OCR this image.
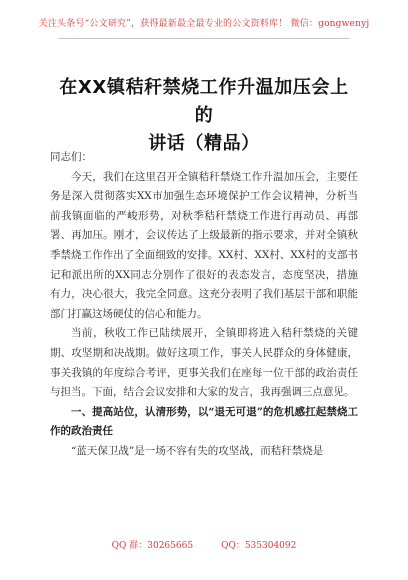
关注头条号“公文研究”，获得最新最全最专业的公文资料库！ 微信：gongwenyj
在XX镇秸秆禁烧工作升温加压会上的
讲话（精品）

同志们：

今天，我们在这里召开全镇秸秆禁烧工作升温加压会，主要任务是深入贯彻落实XX市加强生态环境保护工作会议精神，分析当前我镇面临的严峻形势，对秋季秸秆禁烧工作进行再动员、再部署、再加压。刚才，会议传达了上级最新的指示要求，并对全镇秋季禁烧工作作出了全面细致的安排。XX村、XX村、XX村的支部书记和派出所的XX同志分别作了很好的表态发言，态度坚决，措施有力，决心很大，我完全同意。这充分表明了我们基层干部和职能部门打赢这场硬仗的信心和能力。

当前，秋收工作已陆续展开，全镇即将进入秸秆禁烧的关键期、攻坚期和决战期。做好这项工作，事关人民群众的身体健康，事关我镇的年度综合考评，更事关我们在座每一位干部的政治责任与担当。下面，结合会议安排和大家的发言，我再强调三点意见。

一、提高站位，认清形势，以“退无可退”的危机感扛起禁烧工作的政治责任

“蓝天保卫战”是一场不容有失的攻坚战，而秸秆禁烧是

QQ 群：30265665	QQ：535304092
